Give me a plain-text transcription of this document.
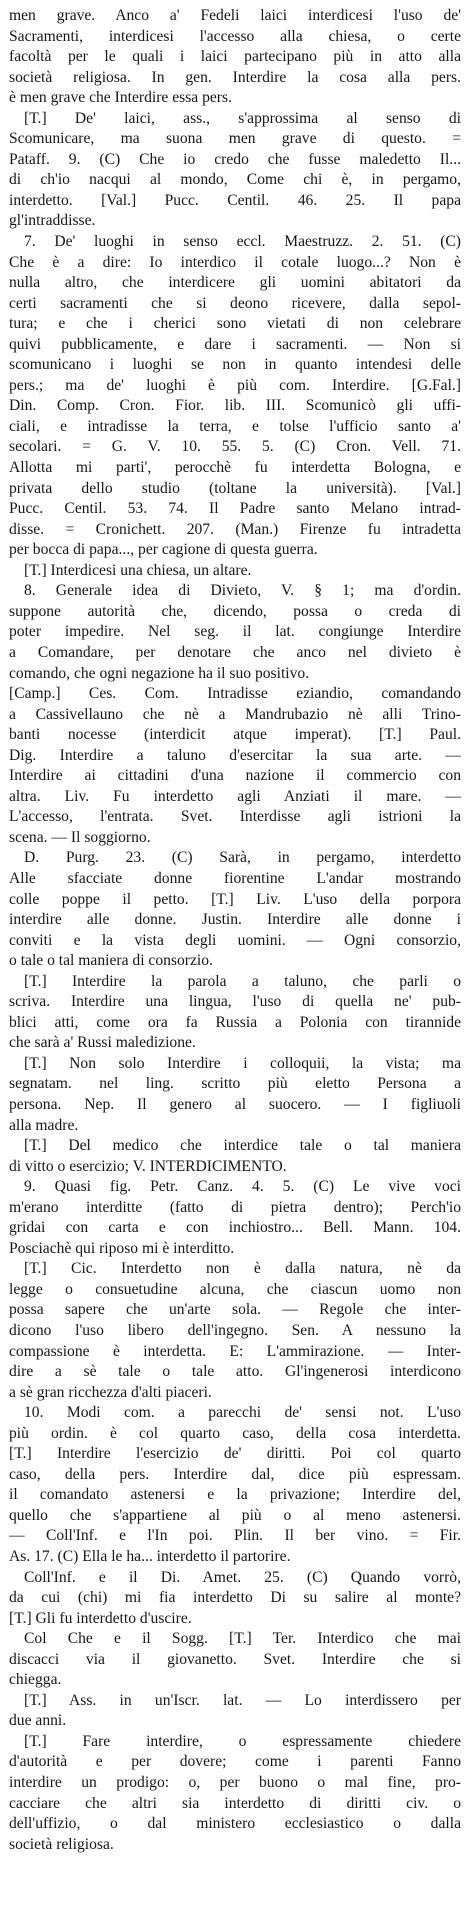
men grave. Anco a' Fedeli laici interdicesi l'uso de'
Sacramenti, interdicesi l'accesso alla chiesa, o certe
facoltà per le quali i laici partecipano più in atto alla
società religiosa. In gen. Interdire la cosa alla pers.
è men grave che Interdire essa pers.
[T.] De' laici, ass., s'approssima al senso di
Scomunicare, ma suona men grave di questo. =
Pataff. 9. (C) Che io credo che fusse maledetto Il...
di ch'io nacqui al mondo, Come chi è, in pergamo,
interdetto. [Val.] Pucc. Centil. 46. 25. Il papa
gl'intraddisse.
7. De' luoghi in senso eccl. Maestruzz. 2. 51. (C)
Che è a dire: Io interdico il cotale luogo...? Non è
nulla altro, che interdicere gli uomini abitatori da
certi sacramenti che si deono ricevere, dalla sepol-
tura; e che i cherici sono vietati di non celebrare
quivi pubblicamente, e dare i sacramenti. — Non si
scomunicano i luoghi se non in quanto intendesi delle
pers.; ma de' luoghi è più com. Interdire. [G.Fal.]
Din. Comp. Cron. Fior. lib. III. Scomunicò gli uffi-
ciali, e intradisse la terra, e tolse l'ufficio santo a'
secolari. = G. V. 10. 55. 5. (C) Cron. Vell. 71.
Allotta mi parti', perocchè fu interdetta Bologna, e
privata dello studio (toltane la università). [Val.]
Pucc. Centil. 53. 74. Il Padre santo Melano intrad-
disse. = Cronichett. 207. (Man.) Firenze fu intradetta
per bocca di papa..., per cagione di questa guerra.
[T.] Interdicesi una chiesa, un altare.
8. Generale idea di Divieto, V. § 1; ma d'ordin.
suppone autorità che, dicendo, possa o creda di
poter impedire. Nel seg. il lat. congiunge Interdire
a Comandare, per denotare che anco nel divieto è
comando, che ogni negazione ha il suo positivo.
[Camp.] Ces. Com. Intradisse eziandio, comandando
a Cassivellauno che nè a Mandrubazio nè alli Trino-
banti nocesse (interdicit atque imperat). [T.] Paul.
Dig. Interdire a taluno d'esercitar la sua arte. —
Interdire ai cittadini d'una nazione il commercio con
altra. Liv. Fu interdetto agli Anziati il mare. —
L'accesso, l'entrata. Svet. Interdisse agli istrioni la
scena. — Il soggiorno.
D. Purg. 23. (C) Sarà, in pergamo, interdetto
Alle sfacciate donne fiorentine L'andar mostrando
colle poppe il petto. [T.] Liv. L'uso della porpora
interdire alle donne. Justin. Interdire alle donne i
conviti e la vista degli uomini. — Ogni consorzio,
o tale o tal maniera di consorzio.
[T.] Interdire la parola a taluno, che parli o
scriva. Interdire una lingua, l'uso di quella ne' pub-
blici atti, come ora fa Russia a Polonia con tirannide
che sarà a' Russi maledizione.
[T.] Non solo Interdire i colloquii, la vista; ma
segnatam. nel ling. scritto più eletto Persona a
persona. Nep. Il genero al suocero. — I figliuoli
alla madre.
[T.] Del medico che interdice tale o tal maniera
di vitto o esercizio; V. INTERDICIMENTO.
9. Quasi fig. Petr. Canz. 4. 5. (C) Le vive voci
m'erano interditte (fatto di pietra dentro); Perch'io
gridai con carta e con inchiostro... Bell. Mann. 104.
Posciachè qui riposo mi è interditto.
[T.] Cic. Interdetto non è dalla natura, nè da
legge o consuetudine alcuna, che ciascun uomo non
possa sapere che un'arte sola. — Regole che inter-
dicono l'uso libero dell'ingegno. Sen. A nessuno la
compassione è interdetta. E: L'ammirazione. — Inter-
dire a sè tale o tale atto. Gl'ingenerosi interdicono
a sè gran ricchezza d'alti piaceri.
10. Modi com. a parecchi de' sensi not. L'uso
più ordin. è col quarto caso, della cosa interdetta.
[T.] Interdire l'esercizio de' diritti. Poi col quarto
caso, della pers. Interdire dal, dice più espressam.
il comandato astenersi e la privazione; Interdire del,
quello che s'appartiene al più o al meno astenersi.
— Coll'Inf. e l'In poi. Plin. Il ber vino. = Fir.
As. 17. (C) Ella le ha... interdetto il partorire.
Coll'Inf. e il Di. Amet. 25. (C) Quando vorrò,
da cui (chi) mi fia interdetto Di su salire al monte?
[T.] Gli fu interdetto d'uscire.
Col Che e il Sogg. [T.] Ter. Interdico che mai
discacci via il giovanetto. Svet. Interdire che si
chiegga.
[T.] Ass. in un'Iscr. lat. — Lo interdissero per
due anni.
[T.] Fare interdire, o espressamente chiedere
d'autorità e per dovere; come i parenti Fanno
interdire un prodigo: o, per buono o mal fine, pro-
cacciare che altri sia interdetto di diritti civ. o
dell'uffizio, o dal ministero ecclesiastico o dalla
società religiosa.
